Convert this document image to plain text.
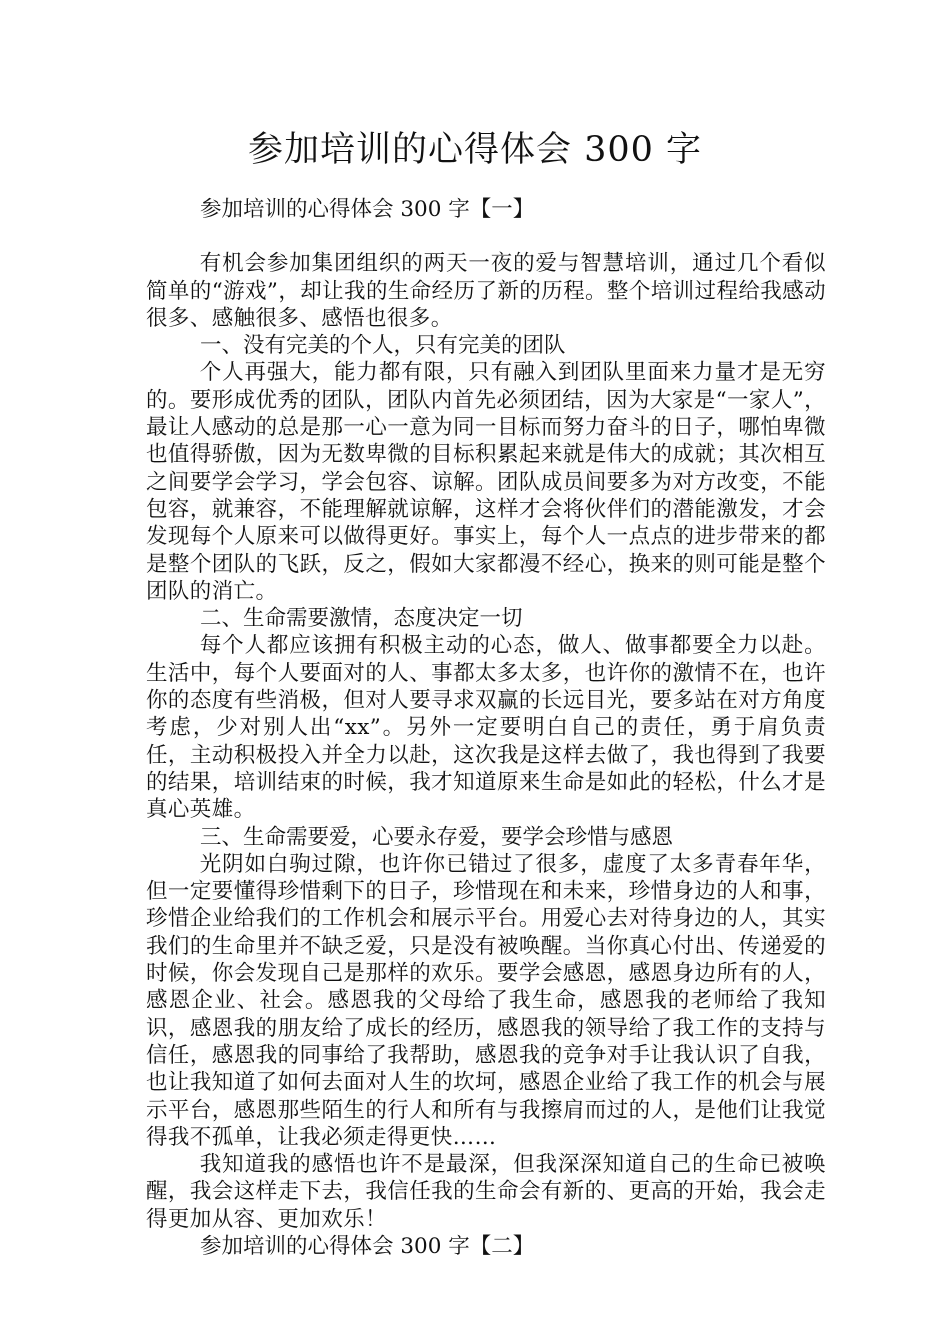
参加培训的心得体会 300 字

参加培训的心得体会 300 字【一】

有机会参加集团组织的两天一夜的爱与智慧培训，通过几个看似简单的“游戏”，却让我的生命经历了新的历程。整个培训过程给我感动很多、感触很多、感悟也很多。

一、没有完美的个人，只有完美的团队

个人再强大，能力都有限，只有融入到团队里面来力量才是无穷的。要形成优秀的团队，团队内首先必须团结，因为大家是“一家人”，最让人感动的总是那一心一意为同一目标而努力奋斗的日子，哪怕卑微也值得骄傲，因为无数卑微的目标积累起来就是伟大的成就；其次相互之间要学会学习，学会包容、谅解。团队成员间要多为对方改变，不能包容，就兼容，不能理解就谅解，这样才会将伙伴们的潜能激发，才会发现每个人原来可以做得更好。事实上，每个人一点点的进步带来的都是整个团队的飞跃，反之，假如大家都漫不经心，换来的则可能是整个团队的消亡。

二、生命需要激情，态度决定一切

每个人都应该拥有积极主动的心态，做人、做事都要全力以赴。生活中，每个人要面对的人、事都太多太多，也许你的激情不在，也许你的态度有些消极，但对人要寻求双赢的长远目光，要多站在对方角度考虑，少对别人出“xx”。另外一定要明白自己的责任，勇于肩负责任，主动积极投入并全力以赴，这次我是这样去做了，我也得到了我要的结果，培训结束的时候，我才知道原来生命是如此的轻松，什么才是真心英雄。

三、生命需要爱，心要永存爱，要学会珍惜与感恩

光阴如白驹过隙，也许你已错过了很多，虚度了太多青春年华，但一定要懂得珍惜剩下的日子，珍惜现在和未来，珍惜身边的人和事，珍惜企业给我们的工作机会和展示平台。用爱心去对待身边的人，其实我们的生命里并不缺乏爱，只是没有被唤醒。当你真心付出、传递爱的时候，你会发现自己是那样的欢乐。要学会感恩，感恩身边所有的人，感恩企业、社会。感恩我的父母给了我生命，感恩我的老师给了我知识，感恩我的朋友给了成长的经历，感恩我的领导给了我工作的支持与信任，感恩我的同事给了我帮助，感恩我的竞争对手让我认识了自我，也让我知道了如何去面对人生的坎坷，感恩企业给了我工作的机会与展示平台，感恩那些陌生的行人和所有与我擦肩而过的人，是他们让我觉得我不孤单，让我必须走得更快……

我知道我的感悟也许不是最深，但我深深知道自己的生命已被唤醒，我会这样走下去，我信任我的生命会有新的、更高的开始，我会走得更加从容、更加欢乐！

参加培训的心得体会 300 字【二】
